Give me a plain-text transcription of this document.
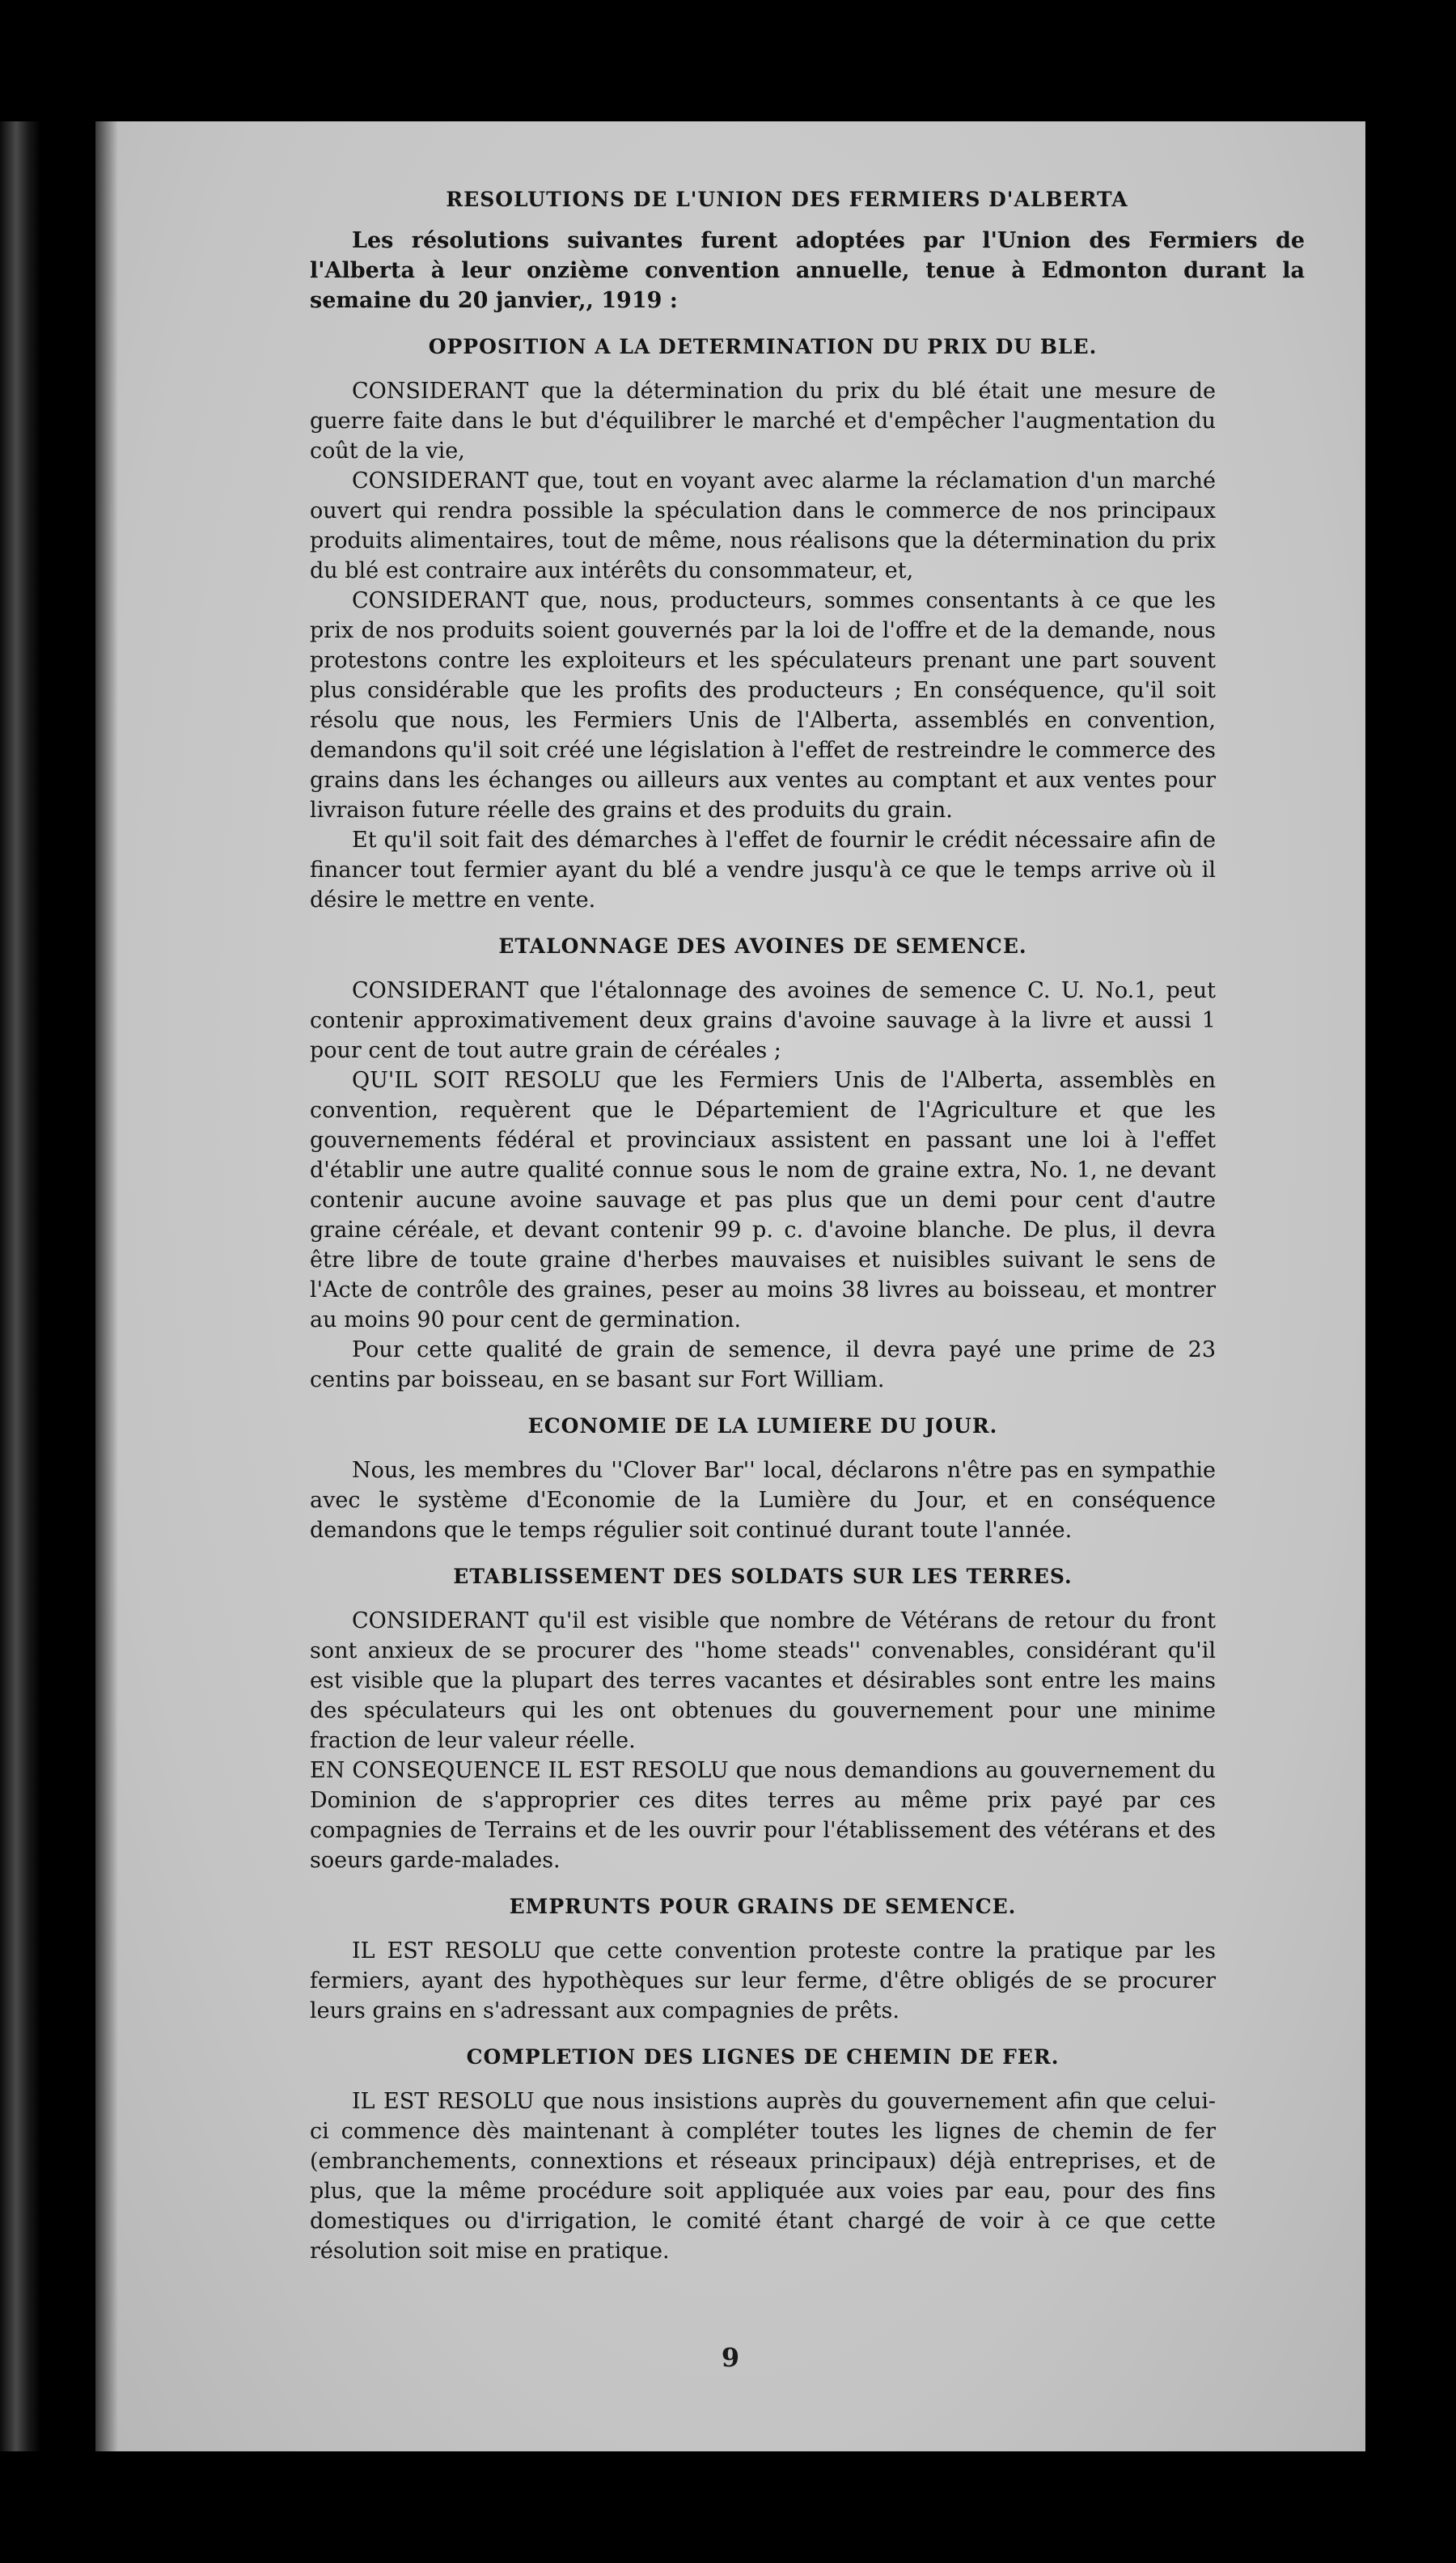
RESOLUTIONS DE L'UNION DES FERMIERS D'ALBERTA

Les résolutions suivantes furent adoptées par l'Union des Fermiers de l'Alberta à leur onzième convention annuelle, tenue à Edmonton durant la semaine du 20 janvier,, 1919 :

OPPOSITION A LA DETERMINATION DU PRIX DU BLE.

CONSIDERANT que la détermination du prix du blé était une mesure de guerre faite dans le but d'équilibrer le marché et d'empêcher l'augmentation du coût de la vie,

CONSIDERANT que, tout en voyant avec alarme la réclamation d'un marché ouvert qui rendra possible la spéculation dans le commerce de nos principaux produits alimentaires, tout de même, nous réalisons que la détermination du prix du blé est contraire aux intérêts du consommateur, et,

CONSIDERANT que, nous, producteurs, sommes consentants à ce que les prix de nos produits soient gouvernés par la loi de l'offre et de la demande, nous protestons contre les exploiteurs et les spéculateurs prenant une part souvent plus considérable que les profits des producteurs ; En conséquence, qu'il soit résolu que nous, les Fermiers Unis de l'Alberta, assemblés en convention, demandons qu'il soit créé une législation à l'effet de restreindre le commerce des grains dans les échanges ou ailleurs aux ventes au comptant et aux ventes pour livraison future réelle des grains et des produits du grain.

Et qu'il soit fait des démarches à l'effet de fournir le crédit nécessaire afin de financer tout fermier ayant du blé a vendre jusqu'à ce que le temps arrive où il désire le mettre en vente.

ETALONNAGE DES AVOINES DE SEMENCE.

CONSIDERANT que l'étalonnage des avoines de semence C. U. No.1, peut contenir approximativement deux grains d'avoine sauvage à la livre et aussi 1 pour cent de tout autre grain de céréales ;

QU'IL SOIT RESOLU que les Fermiers Unis de l'Alberta, assemblès en convention, requèrent que le Départemient de l'Agriculture et que les gouvernements fédéral et provinciaux assistent en passant une loi à l'effet d'établir une autre qualité connue sous le nom de graine extra, No. 1, ne devant contenir aucune avoine sauvage et pas plus que un demi pour cent d'autre graine céréale, et devant contenir 99 p. c. d'avoine blanche. De plus, il devra être libre de toute graine d'herbes mauvaises et nuisibles suivant le sens de l'Acte de contrôle des graines, peser au moins 38 livres au boisseau, et montrer au moins 90 pour cent de germination.

Pour cette qualité de grain de semence, il devra payé une prime de 23 centins par boisseau, en se basant sur Fort William.

ECONOMIE DE LA LUMIERE DU JOUR.

Nous, les membres du ''Clover Bar'' local, déclarons n'être pas en sympathie avec le système d'Economie de la Lumière du Jour, et en conséquence demandons que le temps régulier soit continué durant toute l'année.

ETABLISSEMENT DES SOLDATS SUR LES TERRES.

CONSIDERANT qu'il est visible que nombre de Vétérans de retour du front sont anxieux de se procurer des ''home steads'' convenables, considérant qu'il est visible que la plupart des terres vacantes et désirables sont entre les mains des spéculateurs qui les ont obtenues du gouvernement pour une minime fraction de leur valeur réelle.

EN CONSEQUENCE IL EST RESOLU que nous demandions au gouvernement du Dominion de s'approprier ces dites terres au même prix payé par ces compagnies de Terrains et de les ouvrir pour l'établissement des vétérans et des soeurs garde-malades.

EMPRUNTS POUR GRAINS DE SEMENCE.

IL EST RESOLU que cette convention proteste contre la pratique par les fermiers, ayant des hypothèques sur leur ferme, d'être obligés de se procurer leurs grains en s'adressant aux compagnies de prêts.

COMPLETION DES LIGNES DE CHEMIN DE FER.

IL EST RESOLU que nous insistions auprès du gouvernement afin que celui-ci commence dès maintenant à compléter toutes les lignes de chemin de fer (embranchements, connextions et réseaux principaux) déjà entreprises, et de plus, que la même procédure soit appliquée aux voies par eau, pour des fins domestiques ou d'irrigation, le comité étant chargé de voir à ce que cette résolution soit mise en pratique.

9
